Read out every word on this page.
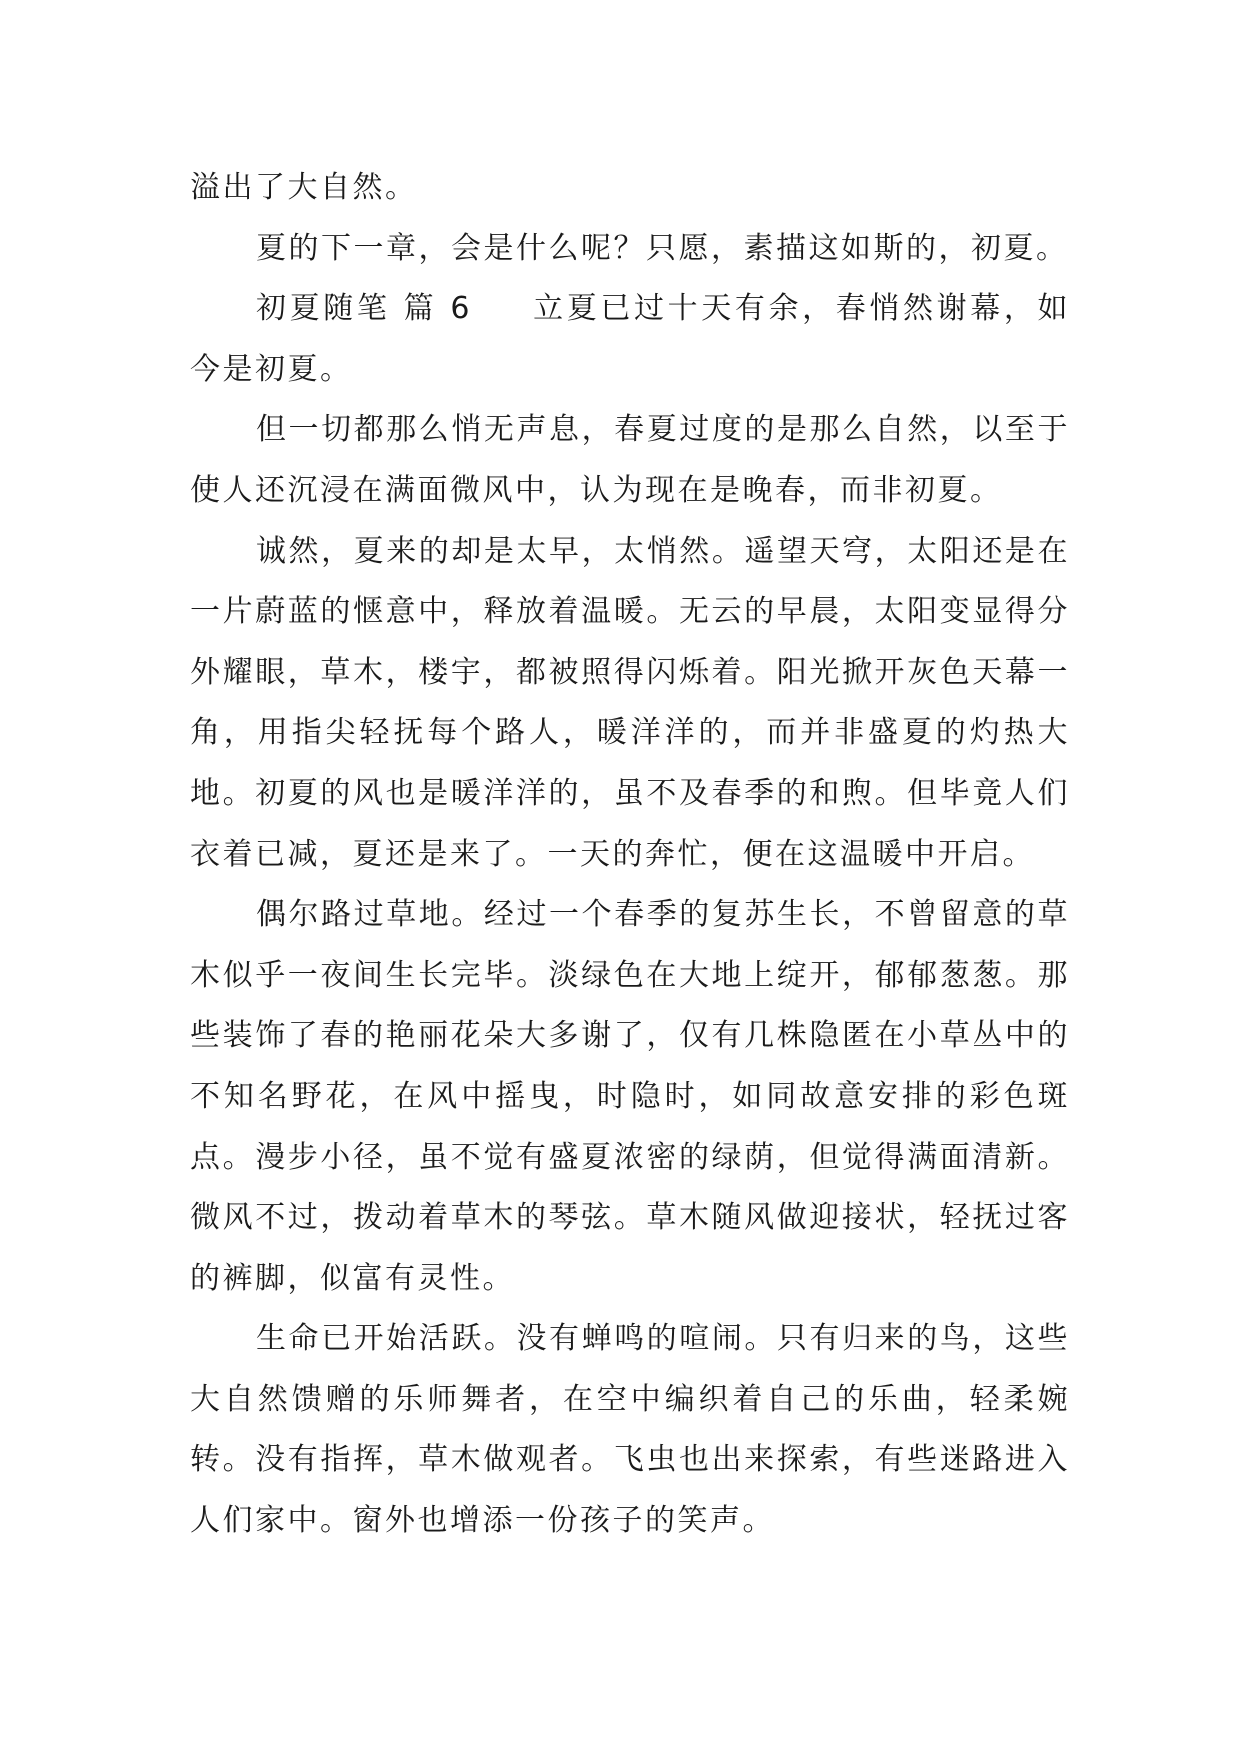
溢出了大自然。

夏的下一章，会是什么呢？只愿，素描这如斯的，初夏。

初夏随笔 篇 6 立夏已过十天有余，春悄然谢幕，如今是初夏。

但一切都那么悄无声息，春夏过度的是那么自然，以至于使人还沉浸在满面微风中，认为现在是晚春，而非初夏。

诚然，夏来的却是太早，太悄然。遥望天穹，太阳还是在一片蔚蓝的惬意中，释放着温暖。无云的早晨，太阳变显得分外耀眼，草木，楼宇，都被照得闪烁着。阳光掀开灰色天幕一角，用指尖轻抚每个路人，暖洋洋的，而并非盛夏的灼热大地。初夏的风也是暖洋洋的，虽不及春季的和煦。但毕竟人们衣着已减，夏还是来了。一天的奔忙，便在这温暖中开启。

偶尔路过草地。经过一个春季的复苏生长，不曾留意的草木似乎一夜间生长完毕。淡绿色在大地上绽开，郁郁葱葱。那些装饰了春的艳丽花朵大多谢了，仅有几株隐匿在小草丛中的不知名野花，在风中摇曳，时隐时，如同故意安排的彩色斑点。漫步小径，虽不觉有盛夏浓密的绿荫，但觉得满面清新。微风不过，拨动着草木的琴弦。草木随风做迎接状，轻抚过客的裤脚，似富有灵性。

生命已开始活跃。没有蝉鸣的喧闹。只有归来的鸟，这些大自然馈赠的乐师舞者，在空中编织着自己的乐曲，轻柔婉转。没有指挥，草木做观者。飞虫也出来探索，有些迷路进入人们家中。窗外也增添一份孩子的笑声。
